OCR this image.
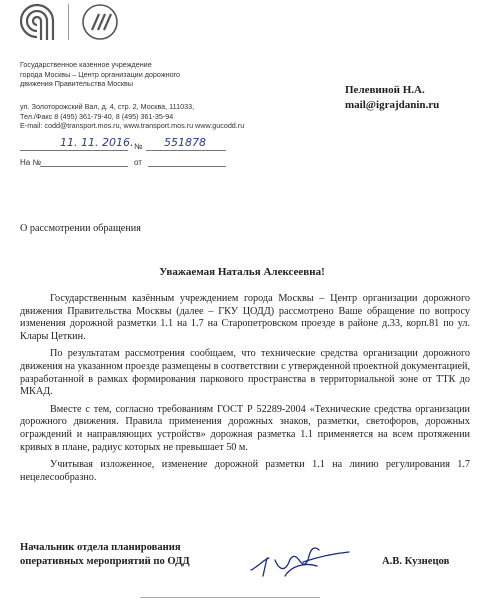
Государственное казенное учреждение
города Москвы – Центр организации дорожного
движения Правительства Москвы
ул. Золоторожский Вал, д. 4, стр. 2, Москва, 111033,
Тел./Факс 8 (495) 361-79-40, 8 (495) 361-35-94
E-mail: codd@transport.mos.ru, www.transport.mos.ru www.gucodd.ru
11. 11. 2016. № 551878
На №	от
Пелевиной Н.А.
mail@igrajdanin.ru
О рассмотрении обращения
Уважаемая Наталья Алексеевна!

Государственным казённым учреждением города Москвы – Центр организации дорожного движения Правительства Москвы (далее – ГКУ ЦОДД) рассмотрено Ваше обращение по вопросу изменения дорожной разметки 1.1 на 1.7 на Старопетровском проезде в районе д.33, корп.81 по ул. Клары Цеткин.

По результатам рассмотрения сообщаем, что технические средства организации дорожного движения на указанном проезде размещены в соответствии с утвержденной проектной документацией, разработанной в рамках формирования паркового пространства в территориальной зоне от ТТК до МКАД.

Вместе с тем, согласно требованиям ГОСТ Р 52289-2004 «Технические средства организации дорожного движения. Правила применения дорожных знаков, разметки, светофоров, дорожных ограждений и направляющих устройств» дорожная разметка 1.1 применяется на всем протяжении кривых в плане, радиус которых не превышает 50 м.

Учитывая изложенное, изменение дорожной разметки 1.1 на линию регулирования 1.7 нецелесообразно.

Начальник отдела планирования
оперативных мероприятий по ОДД	А.В. Кузнецов
